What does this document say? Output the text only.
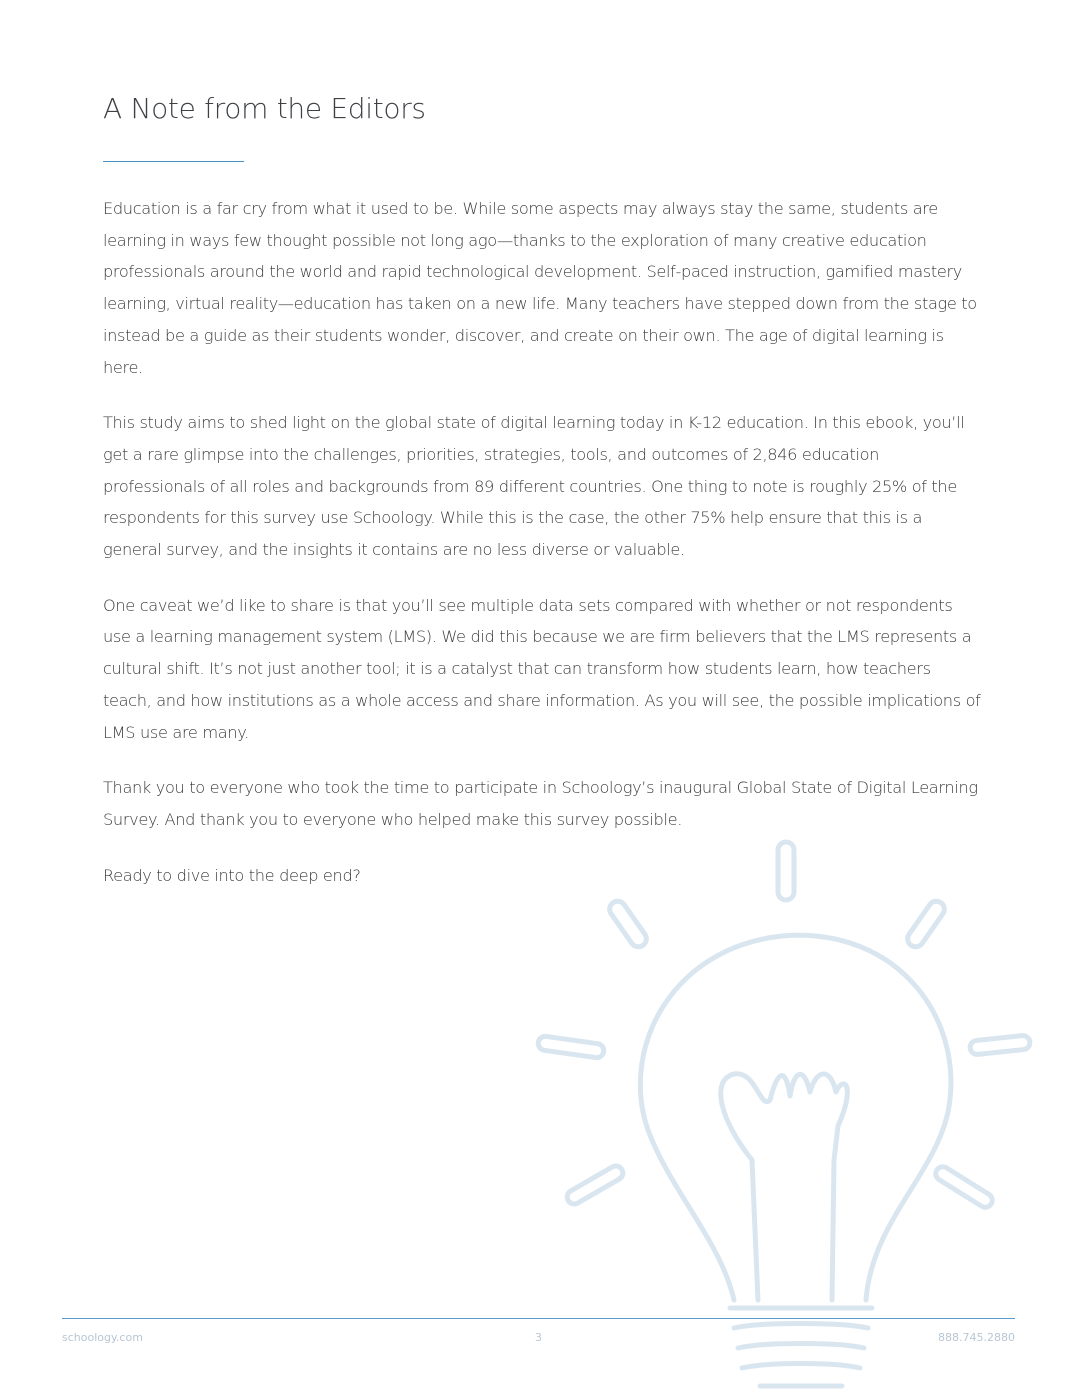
A Note from the Editors

Education is a far cry from what it used to be. While some aspects may always stay the same, students are learning in ways few thought possible not long ago—thanks to the exploration of many creative education professionals around the world and rapid technological development. Self-paced instruction, gamified mastery learning, virtual reality—education has taken on a new life. Many teachers have stepped down from the stage to instead be a guide as their students wonder, discover, and create on their own. The age of digital learning is here.

This study aims to shed light on the global state of digital learning today in K-12 education. In this ebook, you’ll get a rare glimpse into the challenges, priorities, strategies, tools, and outcomes of 2,846 education professionals of all roles and backgrounds from 89 different countries. One thing to note is roughly 25% of the respondents for this survey use Schoology. While this is the case, the other 75% help ensure that this is a general survey, and the insights it contains are no less diverse or valuable.

One caveat we’d like to share is that you’ll see multiple data sets compared with whether or not respondents use a learning management system (LMS). We did this because we are firm believers that the LMS represents a cultural shift. It’s not just another tool; it is a catalyst that can transform how students learn, how teachers teach, and how institutions as a whole access and share information. As you will see, the possible implications of LMS use are many.

Thank you to everyone who took the time to participate in Schoology’s inaugural Global State of Digital Learning Survey. And thank you to everyone who helped make this survey possible.

Ready to dive into the deep end?

schoology.com	3	888.745.2880
